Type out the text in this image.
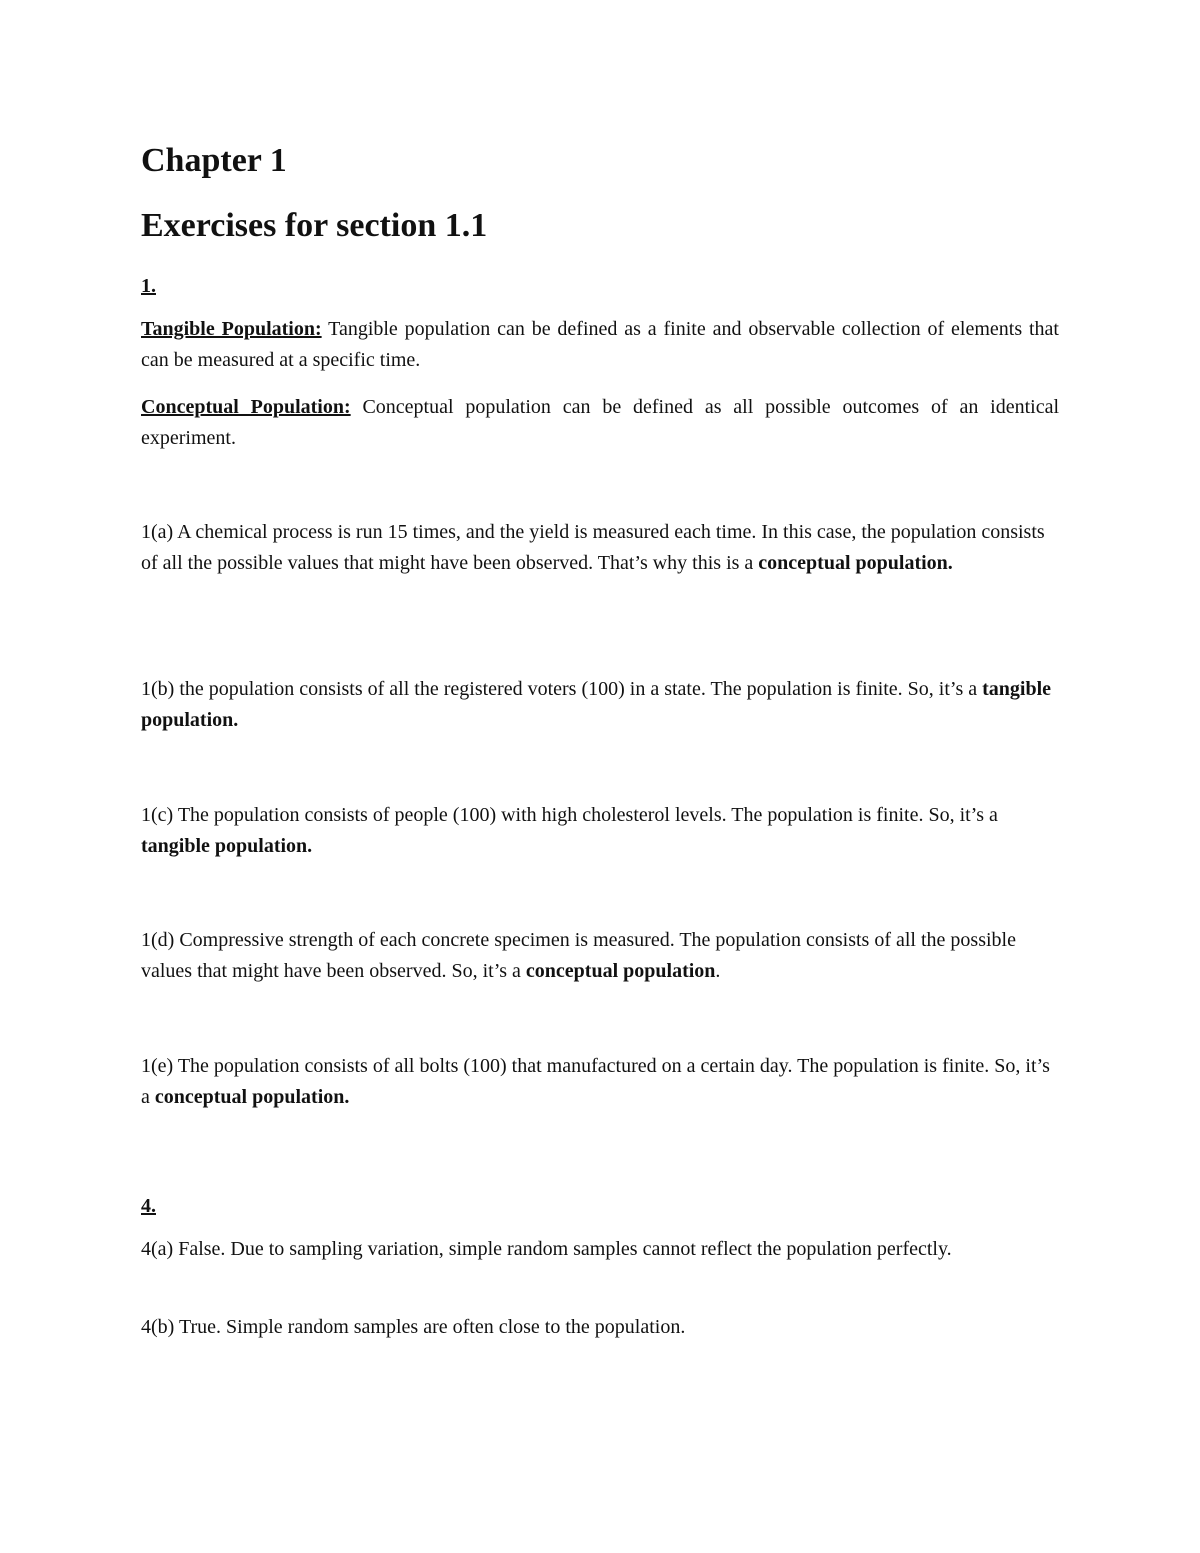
Chapter 1
Exercises for section 1.1
1.

Tangible Population: Tangible population can be defined as a finite and observable collection of elements that can be measured at a specific time.

Conceptual Population: Conceptual population can be defined as all possible outcomes of an identical experiment.

1(a) A chemical process is run 15 times, and the yield is measured each time. In this case, the population consists of all the possible values that might have been observed. That’s why this is a conceptual population.

1(b) the population consists of all the registered voters (100) in a state. The population is finite. So, it’s a tangible population.

1(c) The population consists of people (100) with high cholesterol levels. The population is finite. So, it’s a tangible population.

1(d) Compressive strength of each concrete specimen is measured. The population consists of all the possible values that might have been observed. So, it’s a conceptual population.

1(e) The population consists of all bolts (100) that manufactured on a certain day. The population is finite. So, it’s a conceptual population.

4.

4(a) False. Due to sampling variation, simple random samples cannot reflect the population perfectly.

4(b) True. Simple random samples are often close to the population.
